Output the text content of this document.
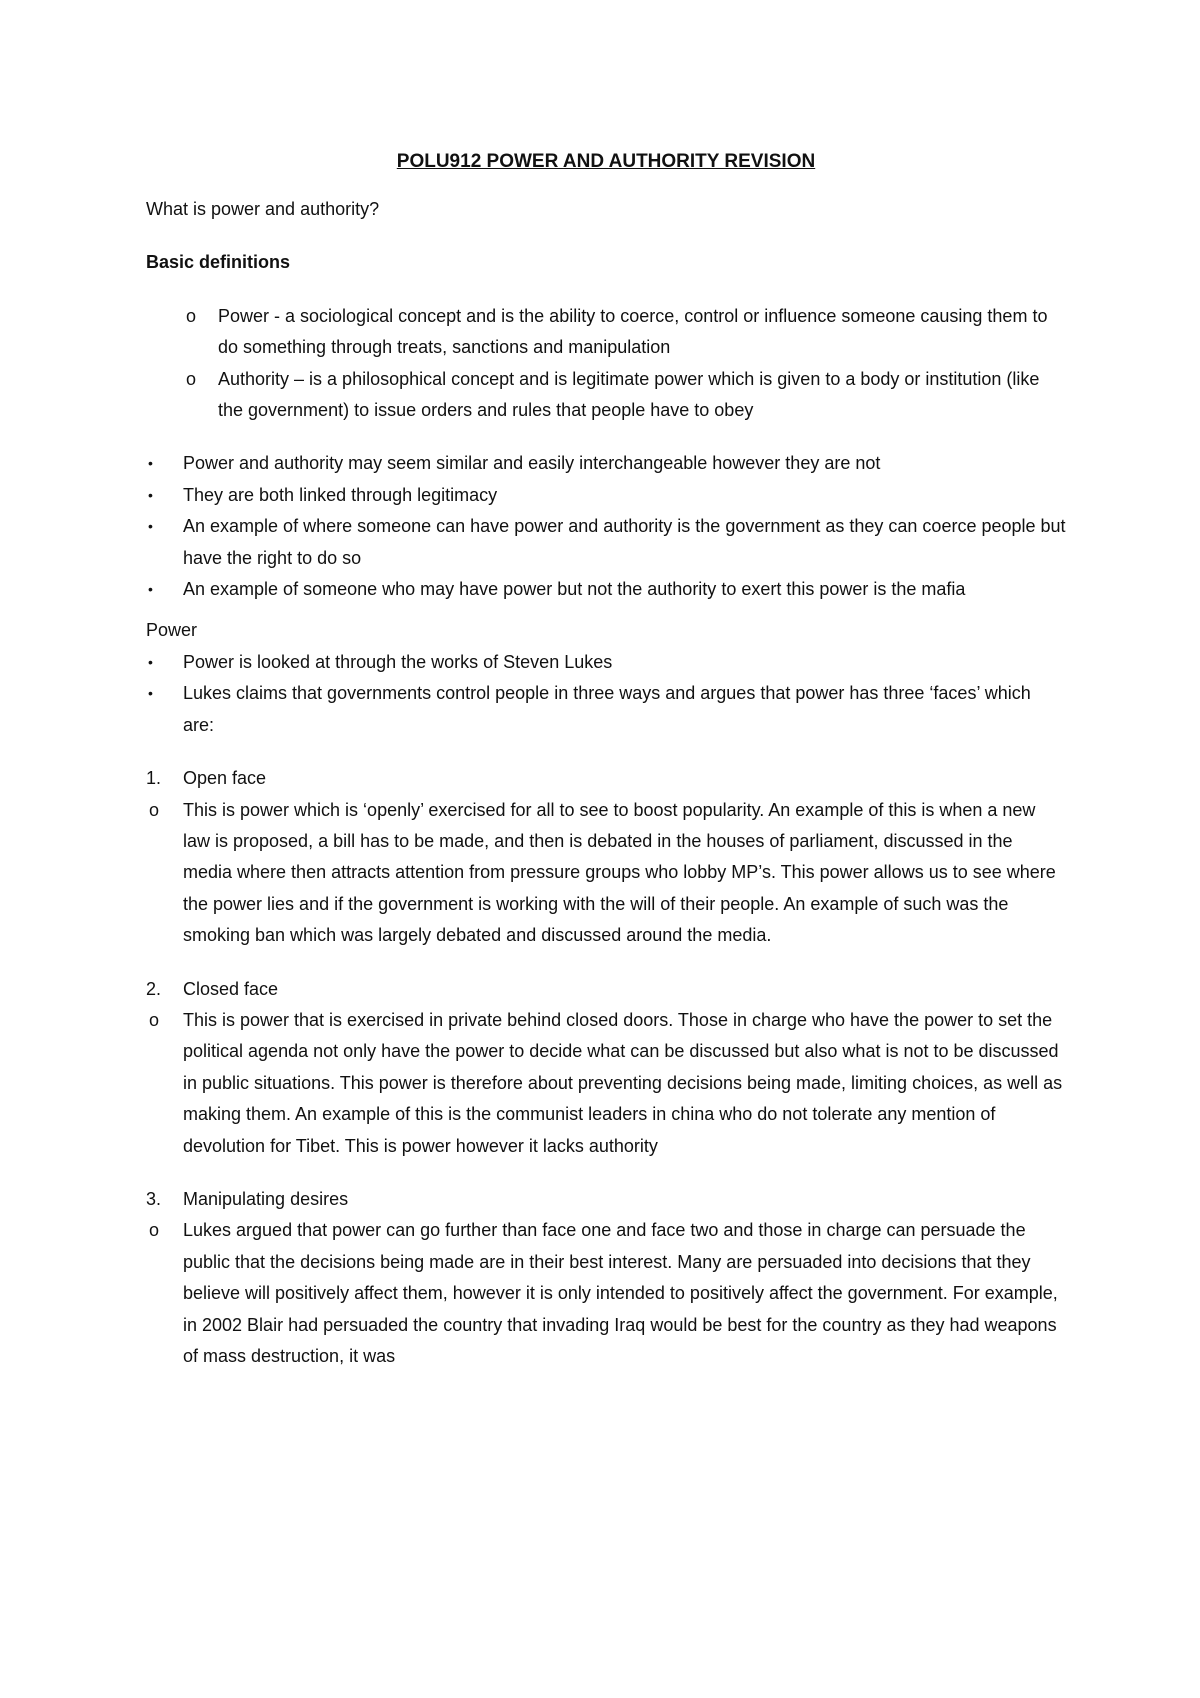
POLU912 POWER AND AUTHORITY REVISION

What is power and authority?

Basic definitions

o Power - a sociological concept and is the ability to coerce, control or influence someone causing them to do something through treats, sanctions and manipulation
o Authority – is a philosophical concept and is legitimate power which is given to a body or institution (like the government) to issue orders and rules that people have to obey
• Power and authority may seem similar and easily interchangeable however they are not
• They are both linked through legitimacy
• An example of where someone can have power and authority is the government as they can coerce people but have the right to do so
• An example of someone who may have power but not the authority to exert this power is the mafia

Power

• Power is looked at through the works of Steven Lukes
• Lukes claims that governments control people in three ways and argues that power has three ‘faces’ which are:
1. Open face
o This is power which is ‘openly’ exercised for all to see to boost popularity. An example of this is when a new law is proposed, a bill has to be made, and then is debated in the houses of parliament, discussed in the media where then attracts attention from pressure groups who lobby MP’s. This power allows us to see where the power lies and if the government is working with the will of their people. An example of such was the smoking ban which was largely debated and discussed around the media.
2. Closed face
o This is power that is exercised in private behind closed doors. Those in charge who have the power to set the political agenda not only have the power to decide what can be discussed but also what is not to be discussed in public situations. This power is therefore about preventing decisions being made, limiting choices, as well as making them. An example of this is the communist leaders in china who do not tolerate any mention of devolution for Tibet. This is power however it lacks authority
3. Manipulating desires
o Lukes argued that power can go further than face one and face two and those in charge can persuade the public that the decisions being made are in their best interest. Many are persuaded into decisions that they believe will positively affect them, however it is only intended to positively affect the government. For example, in 2002 Blair had persuaded the country that invading Iraq would be best for the country as they had weapons of mass destruction, it was
